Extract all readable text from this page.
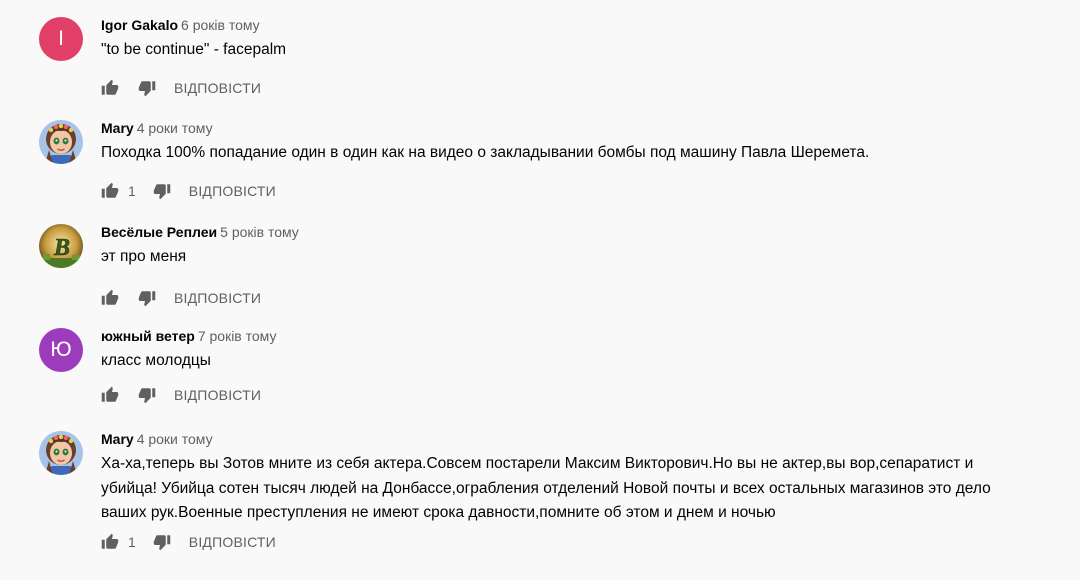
I
Igor Gakalo 6 років тому
"to be continue" - facepalm
ВІДПОВІСТИ
Mary 4 роки тому
Походка 100% попадание один в один как на видео о закладывании бомбы под машину Павла Шеремета.
1	ВІДПОВІСТИ
Весёлые Реплеи 5 років тому
эт про меня
ВІДПОВІСТИ
Ю
южный ветер 7 років тому
класс молодцы
ВІДПОВІСТИ
Mary 4 роки тому
Ха-ха,теперь вы Зотов мните из себя актера.Совсем постарели Максим Викторович.Но вы не актер,вы вор,сепаратист и убийца! Убийца сотен тысяч людей на Донбассе,ограбления отделений Новой почты и всех остальных магазинов это дело ваших рук.Военные преступления не имеют срока давности,помните об этом и днем и ночью
1	ВІДПОВІСТИ
